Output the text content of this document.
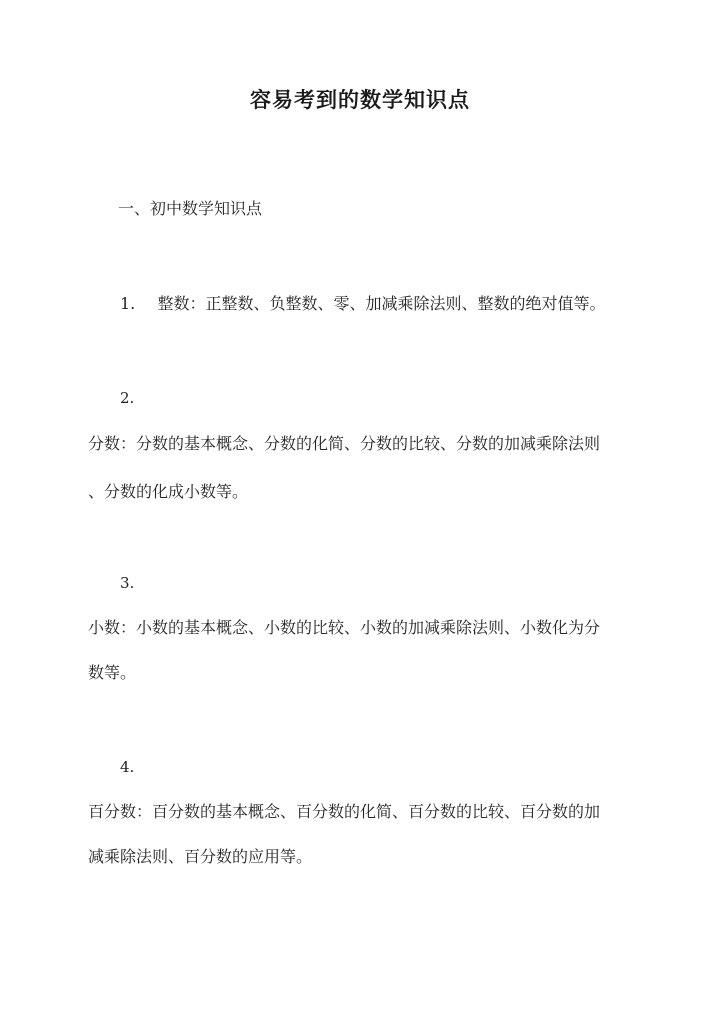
容易考到的数学知识点
一、初中数学知识点
1. 整数：正整数、负整数、零、加减乘除法则、整数的绝对值等。
2.
分数：分数的基本概念、分数的化简、分数的比较、分数的加减乘除法则
、分数的化成小数等。
3.
小数：小数的基本概念、小数的比较、小数的加减乘除法则、小数化为分
数等。
4.
百分数：百分数的基本概念、百分数的化简、百分数的比较、百分数的加
减乘除法则、百分数的应用等。
